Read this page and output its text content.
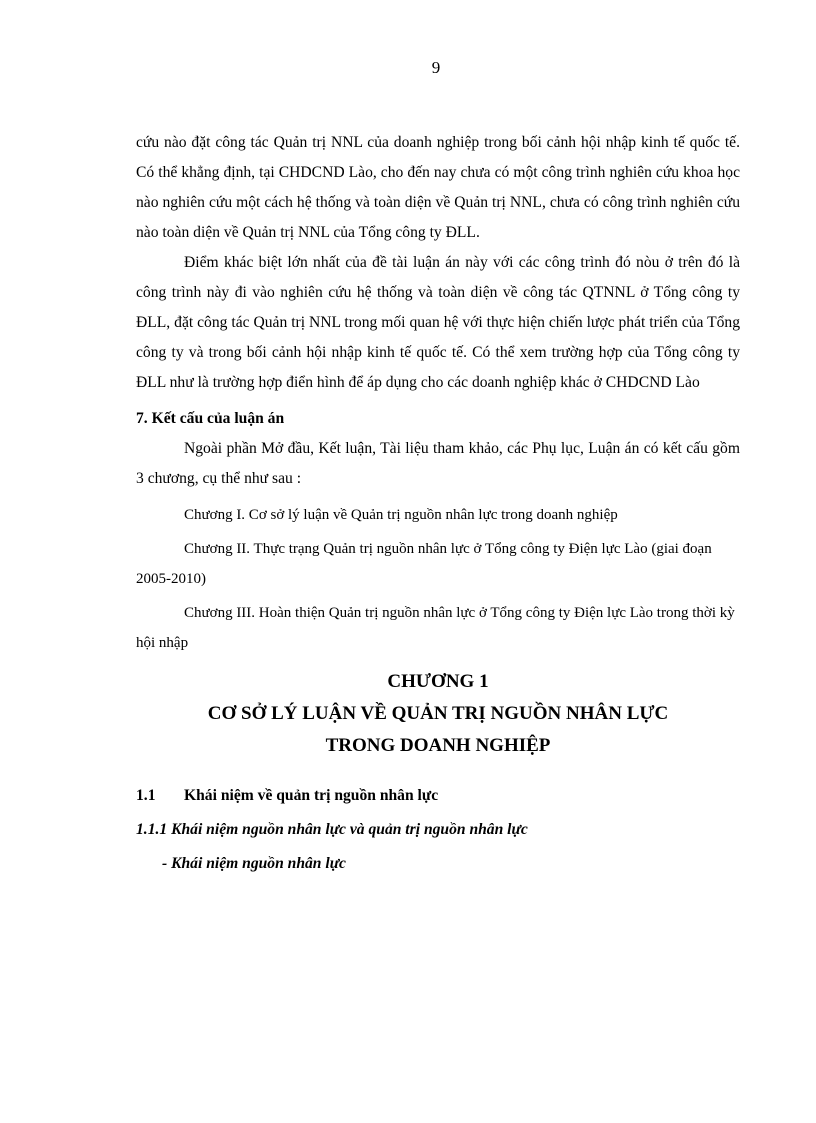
9

cứu nào đặt công tác Quản trị NNL của doanh nghiệp trong bối cảnh hội nhập kinh tế quốc tế. Có thể khẳng định, tại CHDCND Lào, cho đến nay chưa có một công trình nghiên cứu khoa học nào nghiên cứu một cách hệ thống và toàn diện về Quản trị NNL, chưa có công trình nghiên cứu nào toàn diện về Quản trị NNL của Tổng công ty ĐLL.

Điểm khác biệt lớn nhất của đề tài luận án này với các công trình đó nòu ở trên đó là công trình này đi vào nghiên cứu hệ thống và toàn diện về công tác QTNNL ở Tổng công ty ĐLL, đặt công tác Quản trị NNL trong mối quan hệ với thực hiện chiến lược phát triển của Tổng công ty và trong bối cảnh hội nhập kinh tế quốc tế. Có thể xem trường hợp của Tổng công ty ĐLL như là trường hợp điển hình để áp dụng cho các doanh nghiệp khác ở CHDCND Lào

7. Kết cấu của luận án

Ngoài phần Mở đầu, Kết luận, Tài liệu tham khảo, các Phụ lục, Luận án có kết cấu gồm 3 chương, cụ thể như sau :

Chương I. Cơ sở lý luận về Quản trị nguồn nhân lực trong doanh nghiệp

Chương II. Thực trạng Quản trị nguồn nhân lực ở Tổng công ty Điện lực Lào (giai đoạn 2005-2010)

Chương III. Hoàn thiện Quản trị nguồn nhân lực ở Tổng công ty Điện lực Lào trong thời kỳ hội nhập

CHƯƠNG 1
CƠ SỞ LÝ LUẬN VỀ QUẢN TRỊ NGUỒN NHÂN LỰC
TRONG DOANH NGHIỆP
1.1 Khái niệm về quản trị nguồn nhân lực
1.1.1 Khái niệm nguồn nhân lực và quản trị nguồn nhân lực
- Khái niệm nguồn nhân lực
